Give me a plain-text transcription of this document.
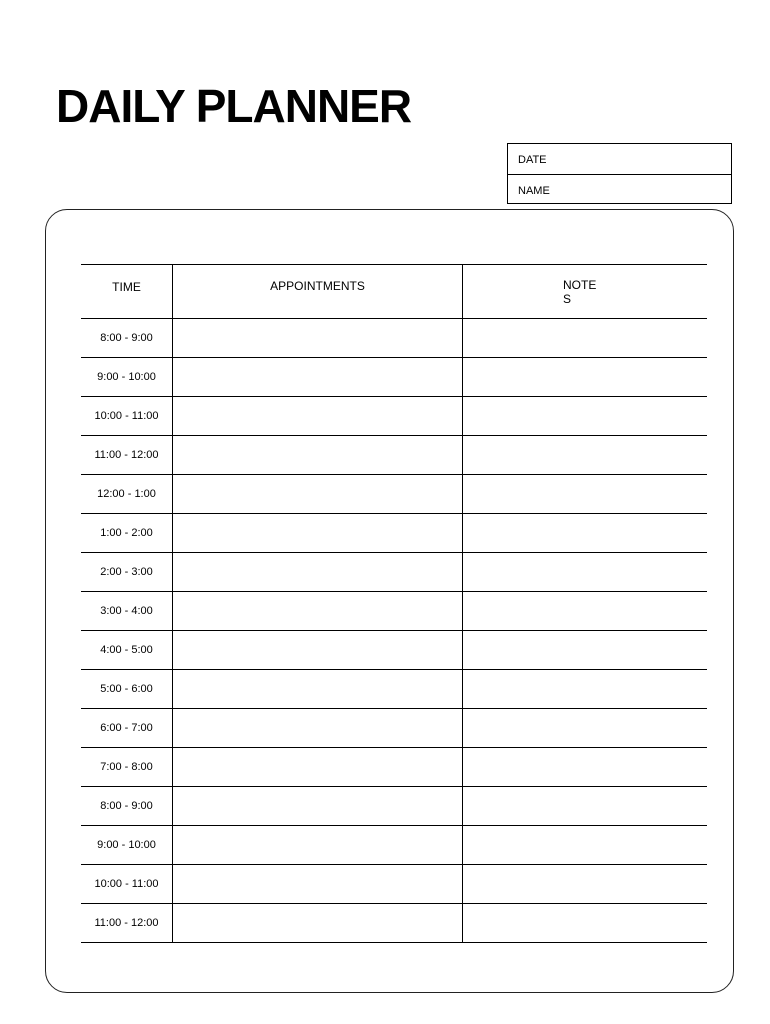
DAILY PLANNER
DATE
NAME
TIME	APPOINTMENTS	NOTE S

8:00 - 9:00		
9:00 - 10:00		
10:00 - 11:00		
11:00 - 12:00		
12:00 - 1:00		
1:00 - 2:00		
2:00 - 3:00		
3:00 - 4:00		
4:00 - 5:00		
5:00 - 6:00		
6:00 - 7:00		
7:00 - 8:00		
8:00 - 9:00		
9:00 - 10:00		
10:00 - 11:00		
11:00 - 12:00		
